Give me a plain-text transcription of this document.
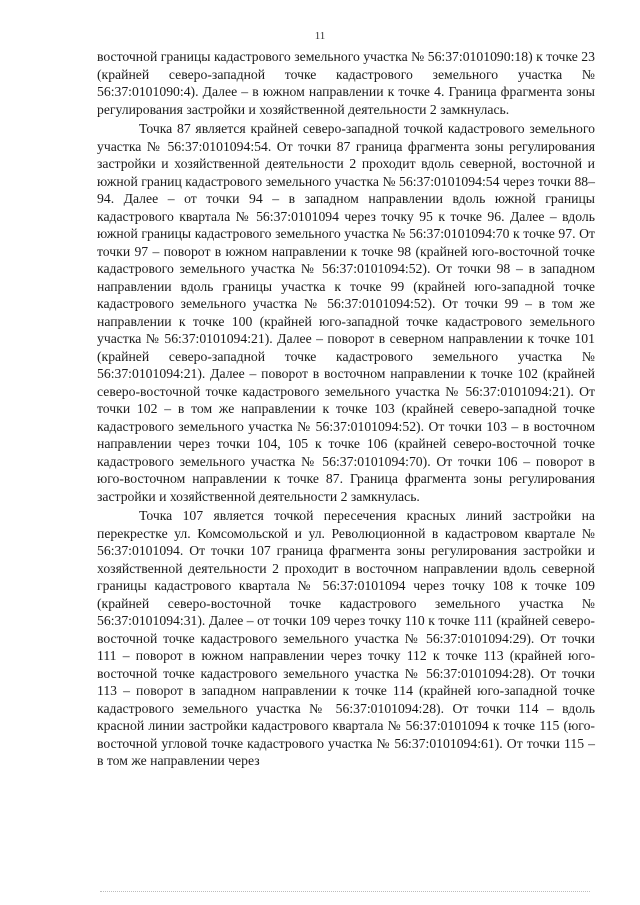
11

восточной границы кадастрового земельного участка № 56:37:0101090:18) к точке 23 (крайней северо-западной точке кадастрового земельного участка № 56:37:0101090:4). Далее – в южном направлении к точке 4. Граница фрагмента зоны регулирования застройки и хозяйственной деятельности 2 замкнулась.

Точка 87 является крайней северо-западной точкой кадастрового земельного участка № 56:37:0101094:54. От точки 87 граница фрагмента зоны регулирования застройки и хозяйственной деятельности 2 проходит вдоль северной, восточной и южной границ кадастрового земельного участка № 56:37:0101094:54 через точки 88–94. Далее – от точки 94 – в западном направлении вдоль южной границы кадастрового квартала № 56:37:0101094 через точку 95 к точке 96. Далее – вдоль южной границы кадастрового земельного участка № 56:37:0101094:70 к точке 97. От точки 97 – поворот в южном направлении к точке 98 (крайней юго-восточной точке кадастрового земельного участка № 56:37:0101094:52). От точки 98 – в западном направлении вдоль границы участка к точке 99 (крайней юго-западной точке кадастрового земельного участка № 56:37:0101094:52). От точки 99 – в том же направлении к точке 100 (крайней юго-западной точке кадастрового земельного участка № 56:37:0101094:21). Далее – поворот в северном направлении к точке 101 (крайней северо-западной точке кадастрового земельного участка № 56:37:0101094:21). Далее – поворот в восточном направлении к точке 102 (крайней северо-восточной точке кадастрового земельного участка № 56:37:0101094:21). От точки 102 – в том же направлении к точке 103 (крайней северо-западной точке кадастрового земельного участка № 56:37:0101094:52). От точки 103 – в восточном направлении через точки 104, 105 к точке 106 (крайней северо-восточной точке кадастрового земельного участка № 56:37:0101094:70). От точки 106 – поворот в юго-восточном направлении к точке 87. Граница фрагмента зоны регулирования застройки и хозяйственной деятельности 2 замкнулась.

Точка 107 является точкой пересечения красных линий застройки на перекрестке ул. Комсомольской и ул. Революционной в кадастровом квартале № 56:37:0101094. От точки 107 граница фрагмента зоны регулирования застройки и хозяйственной деятельности 2 проходит в восточном направлении вдоль северной границы кадастрового квартала № 56:37:0101094 через точку 108 к точке 109 (крайней северо-восточной точке кадастрового земельного участка № 56:37:0101094:31). Далее – от точки 109 через точку 110 к точке 111 (крайней северо-восточной точке кадастрового земельного участка № 56:37:0101094:29). От точки 111 – поворот в южном направлении через точку 112 к точке 113 (крайней юго-восточной точке кадастрового земельного участка № 56:37:0101094:28). От точки 113 – поворот в западном направлении к точке 114 (крайней юго-западной точке кадастрового земельного участка № 56:37:0101094:28). От точки 114 – вдоль красной линии застройки кадастрового квартала № 56:37:0101094 к точке 115 (юго-восточной угловой точке кадастрового участка № 56:37:0101094:61). От точки 115 – в том же направлении через
